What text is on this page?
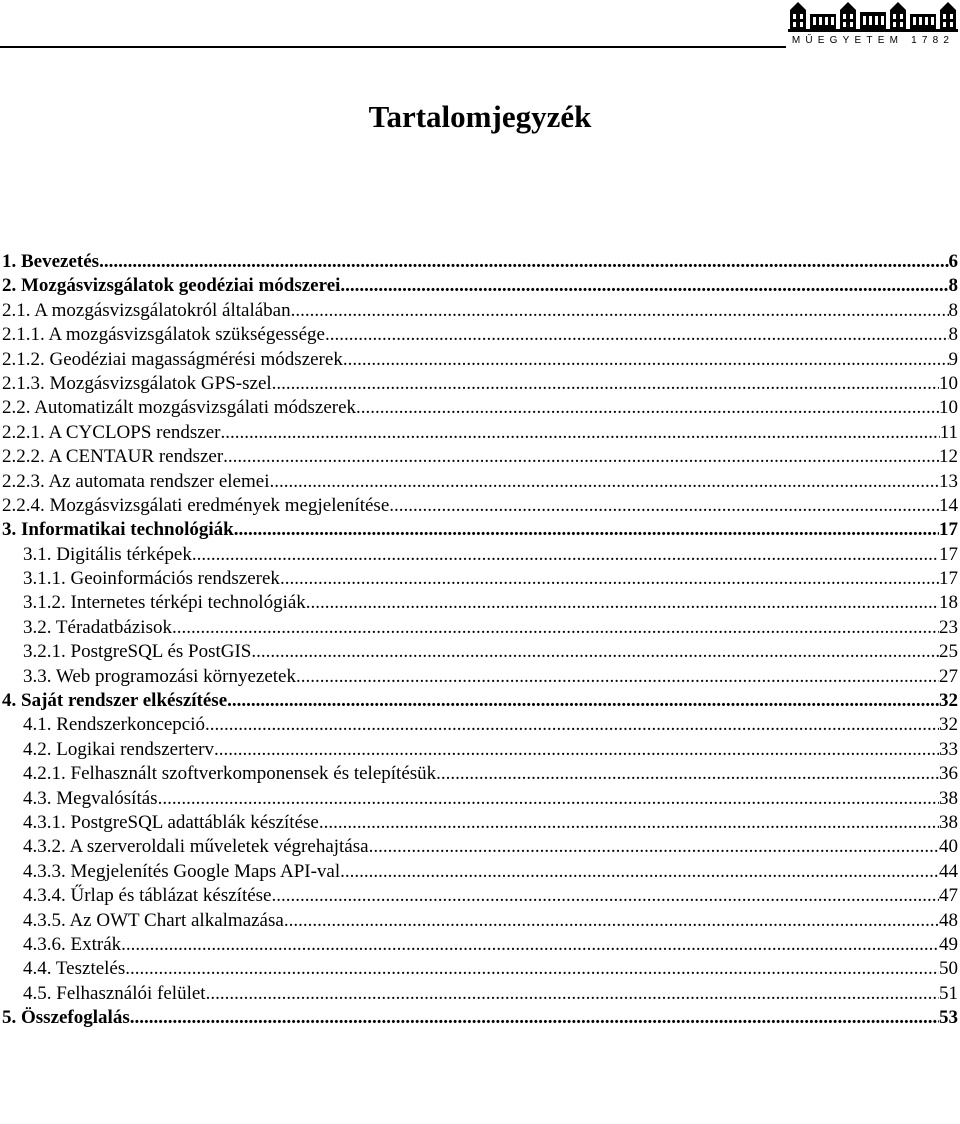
MŰEGYETEM 1782
Tartalomjegyzék
1. Bevezetés .....	6
2. Mozgásvizsgálatok geodéziai módszerei .....	8
2.1. A mozgásvizsgálatokról általában .....	8
2.1.1. A mozgásvizsgálatok szükségessége .....	8
2.1.2. Geodéziai magasságmérési módszerek .....	9
2.1.3. Mozgásvizsgálatok GPS-szel .....	10
2.2. Automatizált mozgásvizsgálati módszerek .....	10
2.2.1. A CYCLOPS rendszer .....	11
2.2.2. A CENTAUR rendszer .....	12
2.2.3. Az automata rendszer elemei .....	13
2.2.4. Mozgásvizsgálati eredmények megjelenítése .....	14
3. Informatikai technológiák .....	17
3.1. Digitális térképek .....	17
3.1.1. Geoinformációs rendszerek .....	17
3.1.2. Internetes térképi technológiák .....	18
3.2. Téradatbázisok .....	23
3.2.1. PostgreSQL és PostGIS .....	25
3.3. Web programozási környezetek .....	27
4. Saját rendszer elkészítése .....	32
4.1. Rendszerkoncepció .....	32
4.2. Logikai rendszerterv .....	33
4.2.1. Felhasznált szoftverkomponensek és telepítésük .....	36
4.3. Megvalósítás .....	38
4.3.1. PostgreSQL adattáblák készítése .....	38
4.3.2. A szerveroldali műveletek végrehajtása .....	40
4.3.3. Megjelenítés Google Maps API-val .....	44
4.3.4. Űrlap és táblázat készítése .....	47
4.3.5. Az OWT Chart alkalmazása .....	48
4.3.6. Extrák .....	49
4.4. Tesztelés .....	50
4.5. Felhasználói felület .....	51
5. Összefoglalás .....	53
